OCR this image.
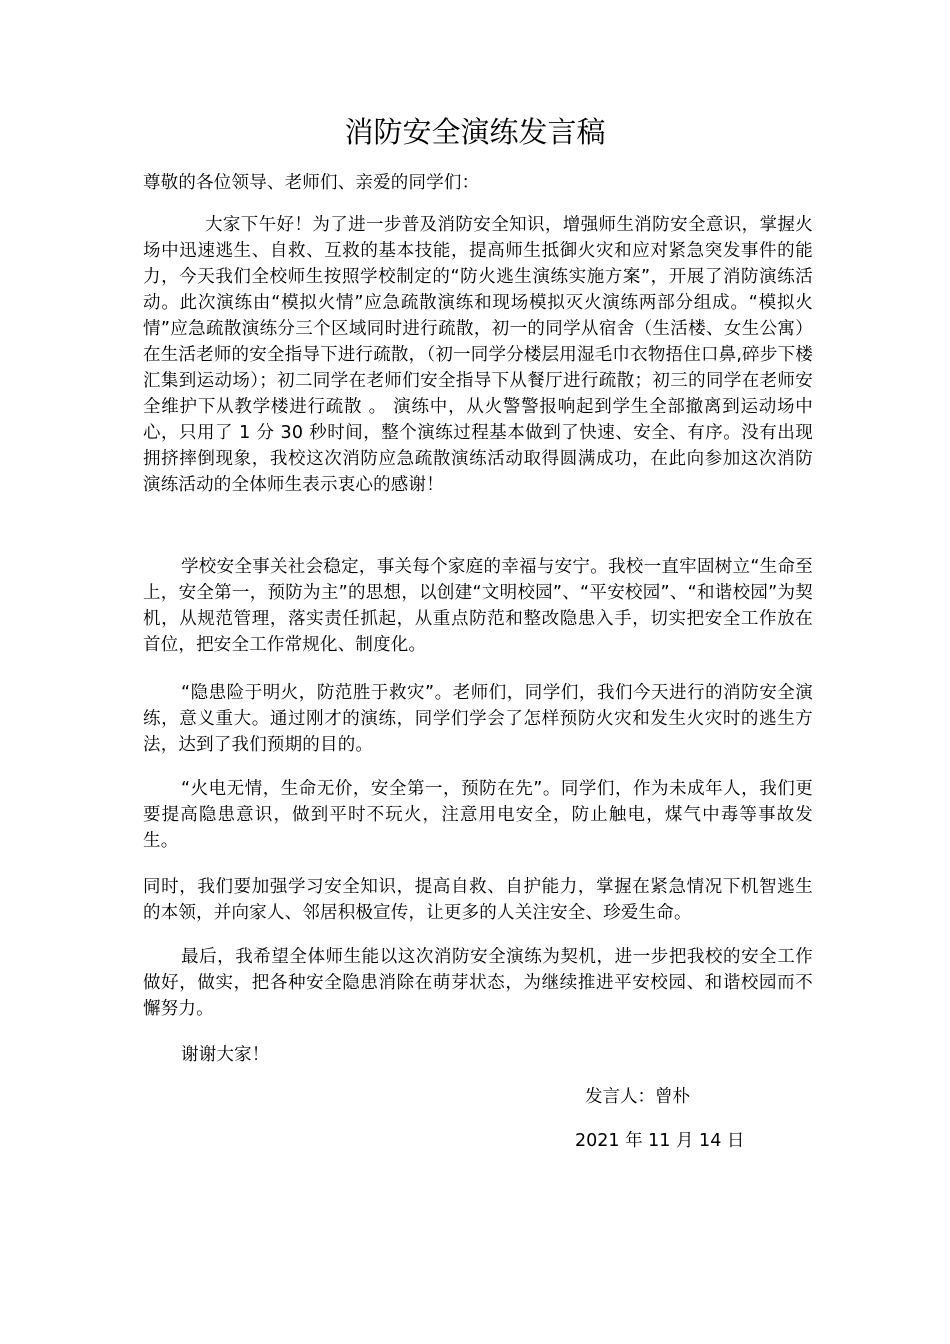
消防安全演练发言稿

尊敬的各位领导、老师们、亲爱的同学们：

大家下午好！为了进一步普及消防安全知识，增强师生消防安全意识，掌握火场中迅速逃生、自救、互救的基本技能，提高师生抵御火灾和应对紧急突发事件的能力，今天我们全校师生按照学校制定的“防火逃生演练实施方案”，开展了消防演练活动。此次演练由“模拟火情”应急疏散演练和现场模拟灭火演练两部分组成。“模拟火情”应急疏散演练分三个区域同时进行疏散，初一的同学从宿舍（生活楼、女生公寓）在生活老师的安全指导下进行疏散，（初一同学分楼层用湿毛巾衣物捂住口鼻,碎步下楼汇集到运动场）；初二同学在老师们安全指导下从餐厅进行疏散；初三的同学在老师安全维护下从教学楼进行疏散 。 演练中，从火警警报响起到学生全部撤离到运动场中心，只用了 1 分 30 秒时间，整个演练过程基本做到了快速、安全、有序。没有出现拥挤摔倒现象，我校这次消防应急疏散演练活动取得圆满成功，在此向参加这次消防演练活动的全体师生表示衷心的感谢！

学校安全事关社会稳定，事关每个家庭的幸福与安宁。我校一直牢固树立“生命至上，安全第一，预防为主”的思想，以创建“文明校园”、“平安校园”、“和谐校园”为契机，从规范管理，落实责任抓起，从重点防范和整改隐患入手，切实把安全工作放在首位，把安全工作常规化、制度化。

“隐患险于明火，防范胜于救灾”。老师们，同学们，我们今天进行的消防安全演练，意义重大。通过刚才的演练，同学们学会了怎样预防火灾和发生火灾时的逃生方法，达到了我们预期的目的。

“火电无情，生命无价，安全第一，预防在先”。同学们，作为未成年人，我们更要提高隐患意识，做到平时不玩火，注意用电安全，防止触电，煤气中毒等事故发生。

同时，我们要加强学习安全知识，提高自救、自护能力，掌握在紧急情况下机智逃生的本领，并向家人、邻居积极宣传，让更多的人关注安全、珍爱生命。

最后，我希望全体师生能以这次消防安全演练为契机，进一步把我校的安全工作做好，做实，把各种安全隐患消除在萌芽状态，为继续推进平安校园、和谐校园而不懈努力。

谢谢大家！

发言人：曾朴

2021 年 11 月 14 日
